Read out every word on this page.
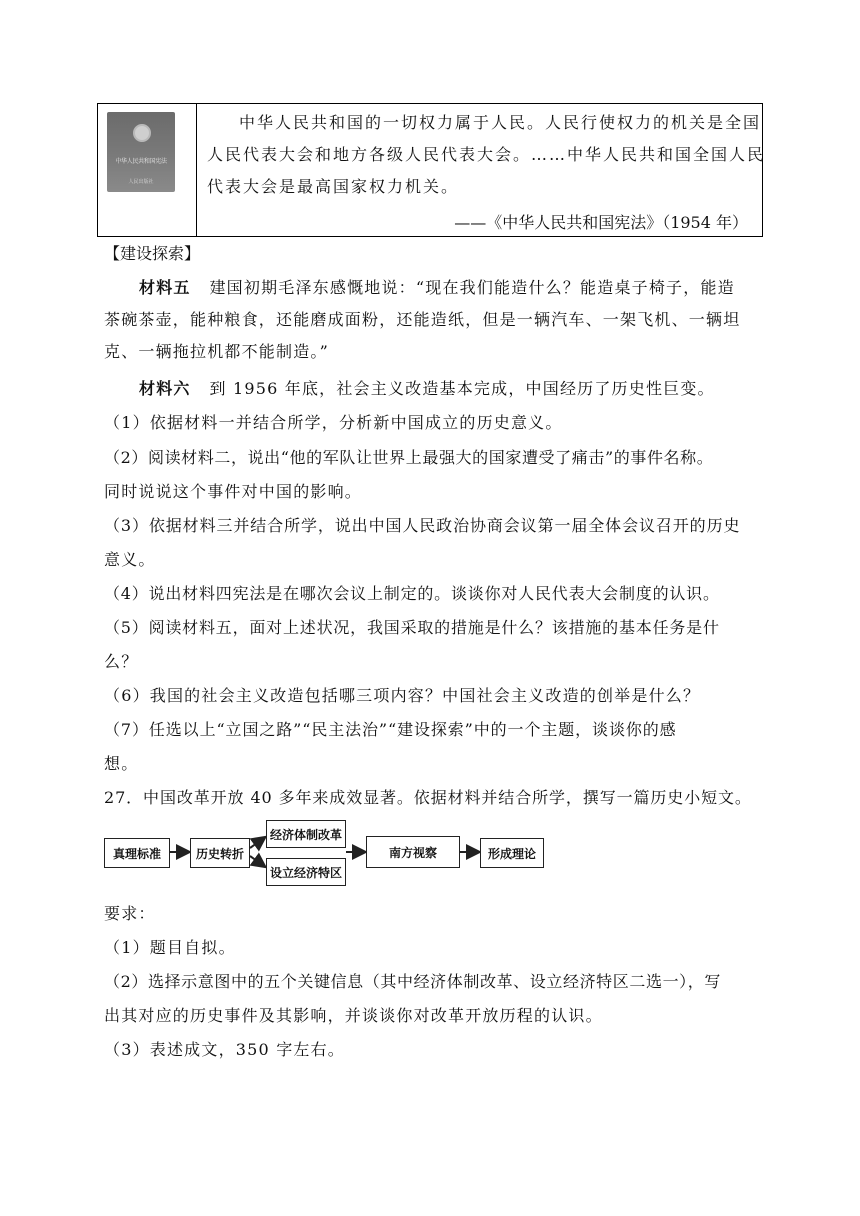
中华人民共和国宪法
人民出版社
中华人民共和国的一切权力属于人民。人民行使权力的机关是全国
人民代表大会和地方各级人民代表大会。……中华人民共和国全国人民
代表大会是最高国家权力机关。
——《中华人民共和国宪法》（1954 年）
【建设探索】
材料五 建国初期毛泽东感慨地说：“现在我们能造什么？能造桌子椅子，能造
茶碗茶壶，能种粮食，还能磨成面粉，还能造纸，但是一辆汽车、一架飞机、一辆坦
克、一辆拖拉机都不能制造。”
材料六 到 1956 年底，社会主义改造基本完成，中国经历了历史性巨变。
（1）依据材料一并结合所学，分析新中国成立的历史意义。
（2）阅读材料二，说出“他的军队让世界上最强大的国家遭受了痛击”的事件名称。
同时说说这个事件对中国的影响。
（3）依据材料三并结合所学，说出中国人民政治协商会议第一届全体会议召开的历史
意义。
（4）说出材料四宪法是在哪次会议上制定的。谈谈你对人民代表大会制度的认识。
（5）阅读材料五，面对上述状况，我国采取的措施是什么？该措施的基本任务是什
么？
（6）我国的社会主义改造包括哪三项内容？中国社会主义改造的创举是什么？
（7）任选以上“立国之路”“民主法治”“建设探索”中的一个主题，谈谈你的感
想。
27．中国改革开放 40 多年来成效显著。依据材料并结合所学，撰写一篇历史小短文。
真理标准	历史转折
经济体制改革
设立经济特区
南方视察	形成理论
要求：
（1）题目自拟。
（2）选择示意图中的五个关键信息（其中经济体制改革、设立经济特区二选一），写
出其对应的历史事件及其影响，并谈谈你对改革开放历程的认识。
（3）表述成文，350 字左右。
